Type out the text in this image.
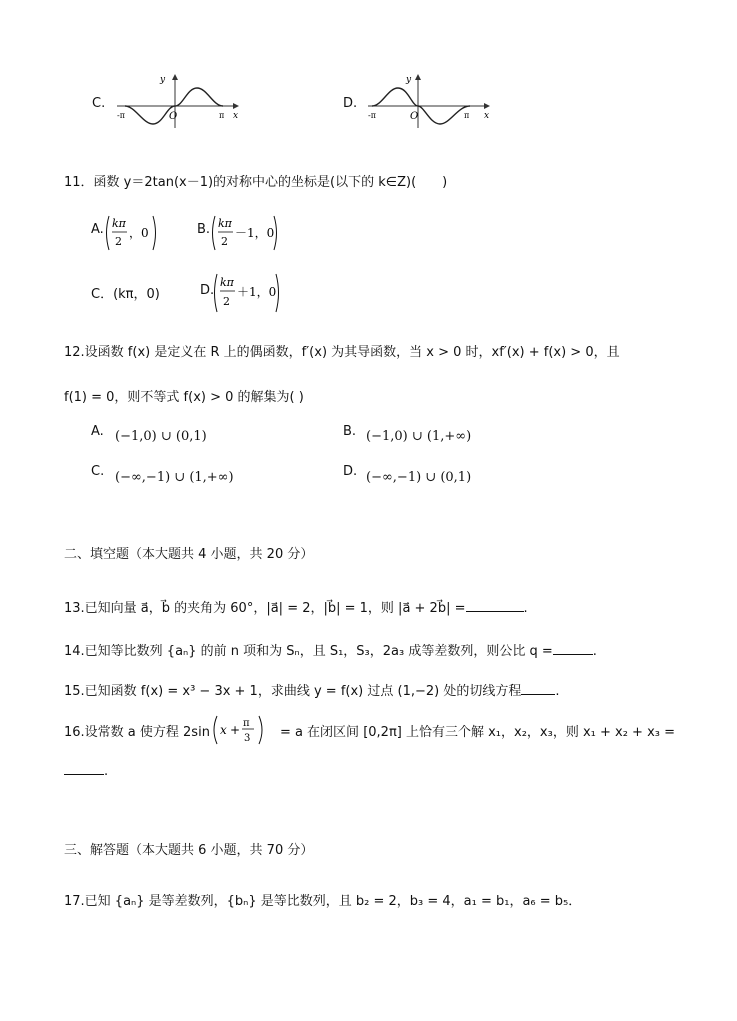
C.
y
x
O
-π	π
D.
y
x
O
-π	π
11．函数 y＝2tan(x－1)的对称中心的坐标是(以下的 k∈Z)(　　)
A. kπ
2
，0	B. kπ
2
－1，0
C．(kπ，0)	D.
kπ
2
＋1，0
12.设函数 f(x) 是定义在 R 上的偶函数，f′(x) 为其导函数，当 x > 0 时，xf′(x) + f(x) > 0，且
f(1) = 0，则不等式 f(x) > 0 的解集为( )
A. (−1,0) ∪ (0,1)	B. (−1,0) ∪ (1,+∞)
C. (−∞,−1) ∪ (1,+∞)	D. (−∞,−1) ∪ (0,1)
二、填空题（本大题共 4 小题，共 20 分）
13.已知向量 a⃗，b⃗ 的夹角为 60°，|a⃗| = 2，|b⃗| = 1，则 |a⃗ + 2b⃗| =	.
14.已知等比数列 {aₙ} 的前 n 项和为 Sₙ，且 S₁，S₃，2a₃ 成等差数列，则公比 q =	.
15.已知函数 f(x) = x³ − 3x + 1，求曲线 y = f(x) 过点 (1,−2) 处的切线方程	.
16.设常数 a 使方程 2sin x + π
3 = a 在闭区间 [0,2π] 上恰有三个解 x₁，x₂，x₃，则 x₁ + x₂ + x₃ =
.
三、解答题（本大题共 6 小题，共 70 分）
17.已知 {aₙ} 是等差数列，{bₙ} 是等比数列，且 b₂ = 2，b₃ = 4，a₁ = b₁，a₆ = b₅．
